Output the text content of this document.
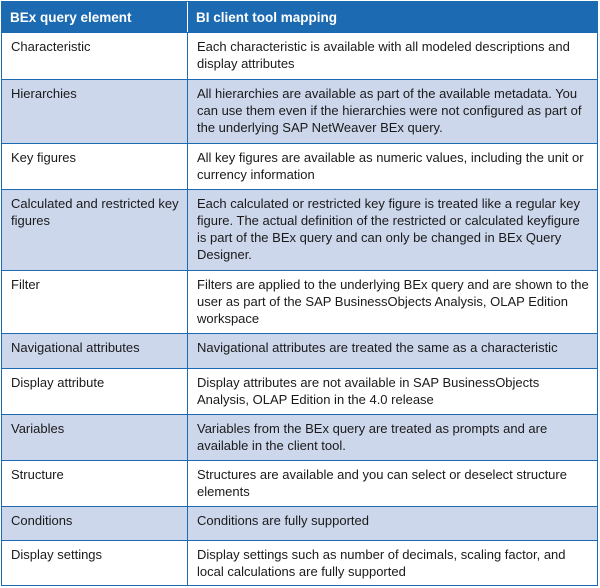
BEx query element	BI client tool mapping
Characteristic	Each characteristic is available with all modeled descriptions and display attributes
Hierarchies	All hierarchies are available as part of the available metadata. You can use them even if the hierarchies were not configured as part of the underlying SAP NetWeaver BEx query.
Key figures	All key figures are available as numeric values, including the unit or currency information
Calculated and restricted key figures	Each calculated or restricted key figure is treated like a regular key figure. The actual definition of the restricted or calculated keyfigure is part of the BEx query and can only be changed in BEx Query Designer.
Filter	Filters are applied to the underlying BEx query and are shown to the user as part of the SAP BusinessObjects Analysis, OLAP Edition workspace
Navigational attributes	Navigational attributes are treated the same as a characteristic
Display attribute	Display attributes are not available in SAP BusinessObjects Analysis, OLAP Edition in the 4.0 release
Variables	Variables from the BEx query are treated as prompts and are available in the client tool.
Structure	Structures are available and you can select or deselect structure elements
Conditions	Conditions are fully supported
Display settings	Display settings such as number of decimals, scaling factor, and local calculations are fully supported
